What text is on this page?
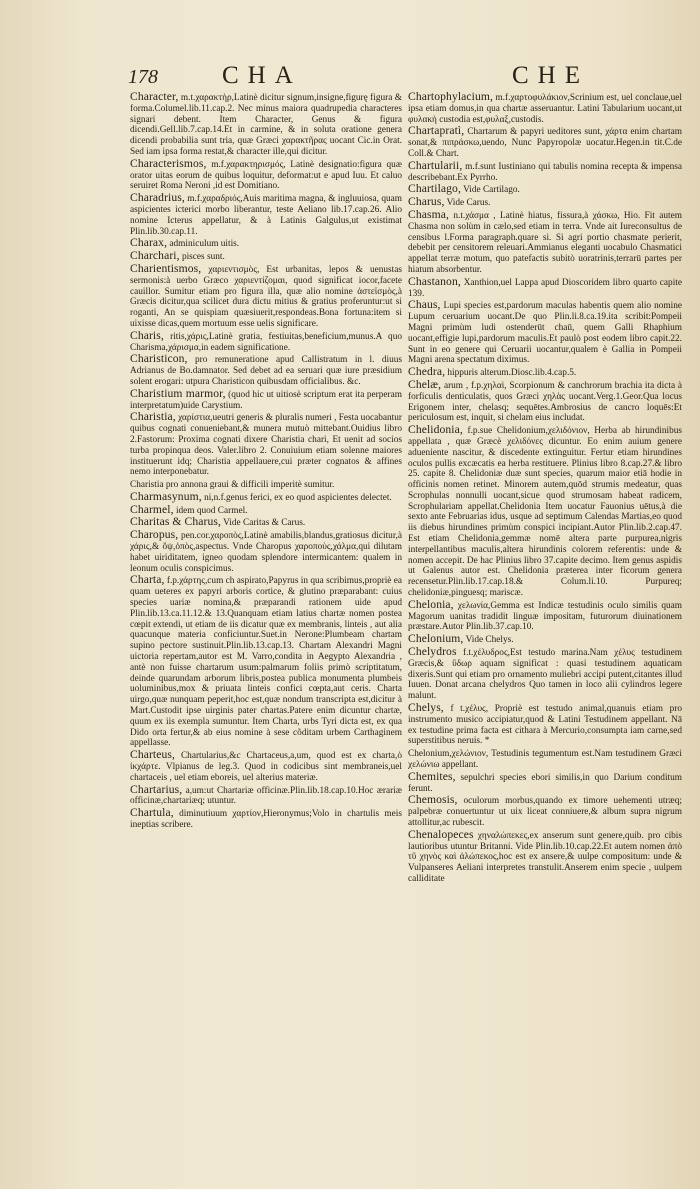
178	CHA	CHE

Character, m.t.χαρακτὴρ,Latinè dicitur signum,insigne,figurę figura & forma.Columel.lib.11.cap.2. Nec minus maiora quadrupedia characteres signari debent. Item Character, Genus & figura dicendi.Gell.lib.7.cap.14.Et in carmine, & in soluta oratione genera dicendi probabilia sunt tria, quæ Græci χαρακτῆρας uocant Cic.in Orat. Sed iam ipsa forma restat,& character ille,qui dicitur.

Characterismos, m.f.χαρακτηρισμός, Latinè designatio:figura quæ orator uitas eorum de quibus loquitur, deformat:ut e apud Iuu. Et caluo seruiret Roma Neroni ,id est Domitiano.

Charadrius, m.f.χαραδριός,Auis maritima magna, & ingluuiosa, quam aspicientes icterici morbo liberantur, teste Aeliano lib.17.cap.26. Alio nomine Icterus appellatur, & à Latinis Galgulus,ut existimat Plin.lib.30.cap.11.

Charax, adminiculum uitis.

Charchari, pisces sunt.

Charientismos, χαριεντισμὸς, Est urbanitas, lepos & uenustas sermonis:à uerbo Græco χαριεντίζομαι, quod significat iocor,facete cauillor. Sumitur etiam pro figura illa, quæ alio nomine ἀστεϊσμὸς,à Græcis dicitur,qua scilicet dura dictu mitius & gratius proferuntur:ut si roganti, An se quispiam quæsiuerit,respondeas.Bona fortuna:item si uixisse dicas,quem mortuum esse uelis significare.

Charis, ritis,χάρις,Latinè gratia, festiuitas,beneficium,munus.A quo Charisma,χάρισμα,in eadem significatione.

Charisticon, pro remuneratione apud Callistratum in l. diuus Adrianus de Bo.damnator. Sed debet ad ea seruari quæ iure præsidium solent erogari: utpura Charisticon quibusdam officialibus. &c.

Charistium marmor, (quod hic ut uitiosè scriptum erat ita perperam interpretatum)uide Carystium.

Charistia, χαρίστια,ueutri generis & pluralis numeri , Festa uocabantur quibus cognati conueniebant,& munera mutuò mittebant.Ouidius libro 2.Fastorum: Proxima cognati dixere Charistia chari, Et uenit ad socios turba propinqua deos. Valer.libro 2. Conuiuium etiam solenne maiores instituerunt idq; Charistia appellauere,cui præter cognatos & affines nemo interponebatur.

Charistia pro annona graui & difficili imperitè sumitur.

Charmasynum, ni,n.f.genus ferici, ex eo quod aspicientes delectet.

Charmel, idem quod Carmel.

Charitas & Charus, Vide Caritas & Carus.

Charopus, pen.cor.χαροπὸς,Latinè amabilis,blandus,gratiosus dicitur,à χάρις,& ὄψ,ὀπὸς,aspectus. Vnde Charopus χαροποὺς,χάλμα,qui dilutam habet uiriditatem, igneo quodam splendore intermicantem: qualem in leonum oculis conspicimus.

Charta, f.p.χάρτης,cum ch aspirato,Papyrus in qua scribimus,propriè ea quam ueteres ex papyri arboris cortice, & glutino præparabant: cuius species uariæ nomina,& præparandi rationem uide apud Plin.lib.13.ca.11.12.& 13.Quanquam etiam latius chartæ nomen postea cœpit extendi, ut etiam de iis dicatur quæ ex membranis, linteis , aut alia quacunque materia conficiuntur.Suet.in Nerone:Plumbeam chartam supino pectore sustinuit.Plin.lib.13.cap.13. Chartam Alexandri Magni uictoria repertam,autor est M. Varro,condita in Aegypto Alexandria , antè non fuisse chartarum usum:palmarum foliis primò scriptitatum, deinde quarundam arborum libris,postea publica monumenta plumbeis uoluminibus,mox & priuata linteis confici cœpta,aut ceris. Charta uirgo,quæ nunquam peperit,hoc est,quæ nondum transcripta est,dicitur à Mart.Custodit ipse uirginis pater chartas.Patere enim dicuntur chartæ, quum ex iis exempla sumuntur. Item Charta, urbs Tyri dicta est, ex qua Dido orta fertur,& ab eius nomine à sese cõditam urbem Carthaginem appellasse.

Charteus, Chartularius,&c Chartaceus,a,um, quod est ex charta,ὁ ἰκχάρτε. Vlpianus de leg.3. Quod in codicibus sint membraneis,uel chartaceis , uel etiam eboreis, uel alterius materiæ.

Chartarius, a,um:ut Chartariæ officinæ.Plin.lib.18.cap.10.Hoc ærariæ officinæ,chartariæq; utuntur.

Chartula, diminutiuum χαρτίον,Hieronymus;Volo in chartulis meis ineptias scribere.

Chartophylacium, m.f.χαρτοφυλάκιον,Scrinium est, uel conclaue,uel ipsa etiam domus,in qua chartæ asseruantur. Latini Tabularium uocant,ut φυλακὴ custodia est,φυλαξ,custodis.

Chartapratì, Chartarum & papyri ueditores sunt, χάρτα enim chartam sonat,& πιπράσκω,uendo, Nunc Papyropolæ uocatur.Hegen.in tit.C.de Coll.& Chart.

Chartularii, m.f.sunt Iustiniano qui tabulis nomina recepta & impensa describebant.Ex Pyrrho.

Chartilago, Vide Cartilago.

Charus, Vide Carus.

Chasma, n.t.χάσμα , Latinè hiatus, fissura,à χάσκω, Hio. Fit autem Chasma non solùm in cælo,sed etiam in terra. Vnde ait Iureconsultus de censibus l.Forma paragraph.quare si. Si agri portio chasmate perierit, debebit per censitorem releuari.Ammianus eleganti uocabulo Chasmatici appellat terræ motum, quo patefactis subitò uoratrinis,terrarū partes per hiatum absorbentur.

Chastanon, Xanthion,uel Lappa apud Dioscoridem libro quarto capite 139.

Chaus, Lupi species est,pardorum maculas habentis quem alio nomine Lupum ceruarium uocant.De quo Plin.li.8.ca.19.ita scribit:Pompeii Magni primùm ludi ostenderūt chaū, quem Galli Rhaphium uocant,effigie lupi,pardorum maculis.Et paulò post eodem libro capit.22. Sunt in eo genere qui Ceruarii uocantur,qualem è Gallia in Pompeii Magni arena spectatum diximus.

Chedra, hippuris alterum.Diosc.lib.4.cap.5.

Chelæ, arum , f.p.χηλαὶ, Scorpionum & canchrorum brachia ita dicta à forficulis denticulatis, quos Græci χηλὰς uocant.Verg.1.Geor.Qua locus Erigonem inter, chelasq; sequētes.Ambrosius de cancro loquēs:Et periculosum est, inquit, si chelam eius includat.

Chelidonia, f.p.sue Chelidonium,χελιδόνιον, Herba ab hirundinibus appellata , quæ Græcè χελιδόνες dicuntur. Eo enim auium genere adueniente nascitur, & discedente extinguitur. Fertur etiam hirundines oculos pullis excæcatis ea herba restituere. Plinius libro 8.cap.27.& libro 25. capite 8. Chelidoniæ duæ sunt species, quarum maior etiā hodie in officinis nomen retinet. Minorem autem,quōd strumis medeatur, quas Scrophulas nonnulli uocant,sicue quod strumosam habeat radicem, Scrophulariam appellat.Chelidonia Item uocatur Fauonius uētus,à die sexto ante Februarias idus, usque ad septimum Calendas Martias,eo quod iis diebus hirundines primùm conspici incipiant.Autor Plin.lib.2.cap.47. Est etiam Chelidonia,gemmæ nomē altera parte purpurea,nigris interpellantibus maculis,altera hirundinis colorem referentis: unde & nomen accepit. De hac Plinius libro 37.capite decimo. Item genus aspidis ut Galenus autor est. Chelidonia præterea inter ficorum genera recensetur.Plin.lib.17.cap.18.& Colum.li.10. Purpureq; chelidoniæ,pinguesq; mariscæ.

Chelonia, χελωνία,Gemma est Indicæ testudinis oculo similis quam Magorum uanitas tradidit linguæ impositam, futurorum diuinationem præstare.Autor Plin.lib.37.cap.10.

Chelonium, Vide Chelys.

Chelydros f.t.χέλυδρος,Est testudo marina.Nam χέλυς testudinem Græcis,& ὕδωρ aquam significat : quasi testudinem aquaticam dixeris.Sunt qui etiam pro ornamento muliebri accipi putent,citantes illud Iuuen. Donat arcana chelydros Quo tamen in loco alii cylindros legere malunt.

Chelys, f t.χέλυς, Propriè est testudo animal,quanuis etiam pro instrumento musico accipiatur,quod & Latini Testudinem appellant. Nā ex testudine prima facta est cithara à Mercurio,consumpta iam carne,sed superstitibus neruis. *

Chelonium,χελώνιον, Testudinis tegumentum est.Nam testudinem Græci χελώνιω appellant.

Chemites, sepulchri species ebori similis,in quo Darium conditum ferunt.

Chemosis, oculorum morbus,quando ex timore uehementi utræq; palpebræ conuertuntur ut uix liceat conniuere,& album supra nigrum attollitur,ac rubescit.

Chenalopeces χηναλώπεκες,ex anserum sunt genere,quib. pro cibis lautioribus utuntur Britanni. Vide Plin.lib.10.cap.22.Et autem nomen ἀπὸ τῦ χηνὸς καὶ ἀλώπεκος,hoc est ex ansere,& uulpe compositum: unde & Vulpanseres Aeliani interpretes transtulit.Anserem enim specie , uulpem calliditate
